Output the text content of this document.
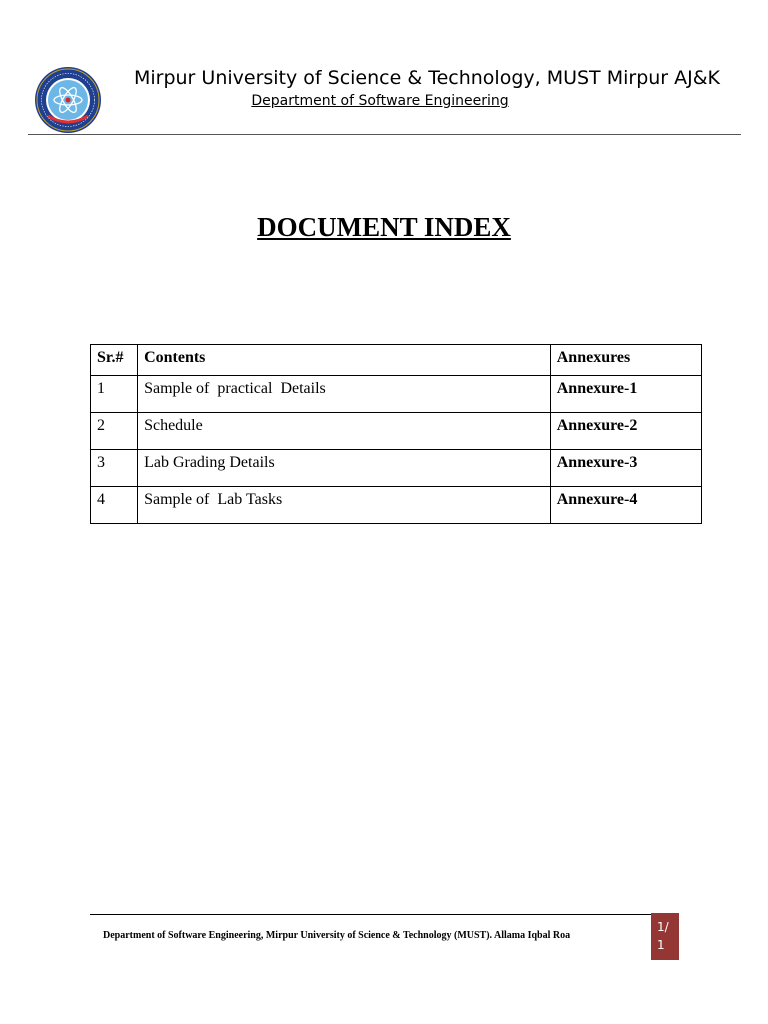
Mirpur University of Science & Technology, MUST Mirpur AJ&K
Department of Software Engineering
DOCUMENT INDEX
Sr.#	Contents	Annexures
1	Sample of  practical  Details	Annexure-1
2	Schedule	Annexure-2
3	Lab Grading Details	Annexure-3
4	Sample of  Lab Tasks	Annexure-4
Department of Software Engineering, Mirpur University of Science & Technology (MUST). Allama Iqbal Roa
1/
1
